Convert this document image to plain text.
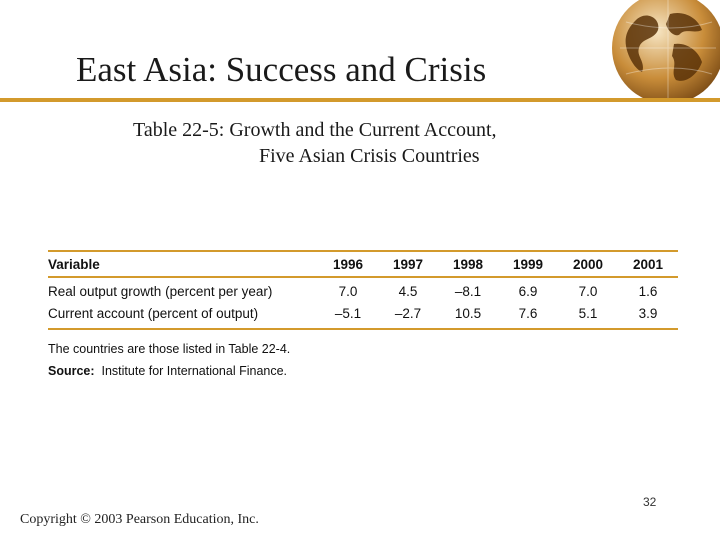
East Asia: Success and Crisis
Table 22-5: Growth and the Current Account,
Five Asian Crisis Countries
Variable	1996	1997	1998	1999	2000	2001
Real output growth (percent per year)	7.0	4.5	–8.1	6.9	7.0	1.6
Current account (percent of output)	–5.1	–2.7	10.5	7.6	5.1	3.9
The countries are those listed in Table 22-4.
Source: Institute for International Finance.
32
Copyright © 2003 Pearson Education, Inc.
